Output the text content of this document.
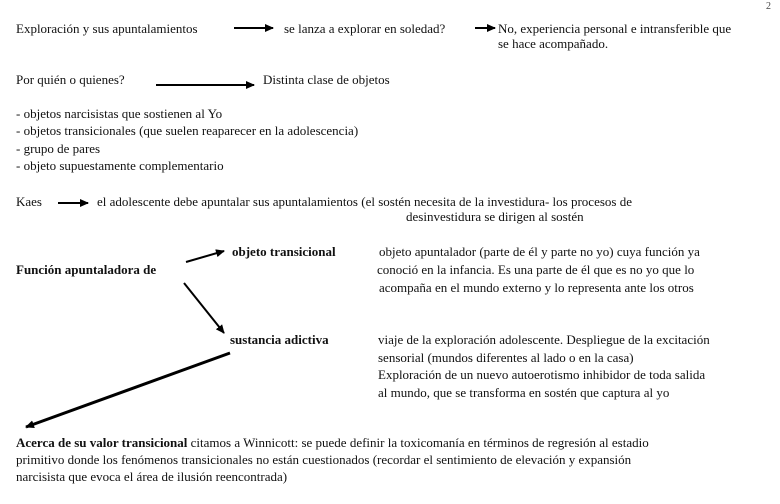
2
Exploración y sus apuntalamientos	se lanza a explorar en soledad?	No, experiencia personal e intransferible que
se hace acompañado.
Por quién o quienes?	Distinta clase de objetos
- objetos narcisistas que sostienen al Yo
- objetos transicionales (que suelen reaparecer en la adolescencia)
- grupo de pares
- objeto supuestamente complementario
Kaes	el adolescente debe apuntalar sus apuntalamientos (el sostén necesita de la investidura- los procesos de
desinvestidura se dirigen al sostén
Función apuntaladora de
objeto transicional	objeto apuntalador (parte de él y parte no yo) cuya función ya
conoció en la infancia. Es una parte de él que es no yo que lo
acompaña en el mundo externo y lo representa ante los otros
sustancia adictiva	viaje de la exploración adolescente. Despliegue de la excitación
sensorial (mundos diferentes al lado o en la casa)
Exploración de un nuevo autoerotismo inhibidor de toda salida
al mundo, que se transforma en sostén que captura al yo
Acerca de su valor transicional citamos a Winnicott: se puede definir la toxicomanía en términos de regresión al estadio
primitivo donde los fenómenos transicionales no están cuestionados (recordar el sentimiento de elevación y expansión
narcisista que evoca el área de ilusión reencontrada)
